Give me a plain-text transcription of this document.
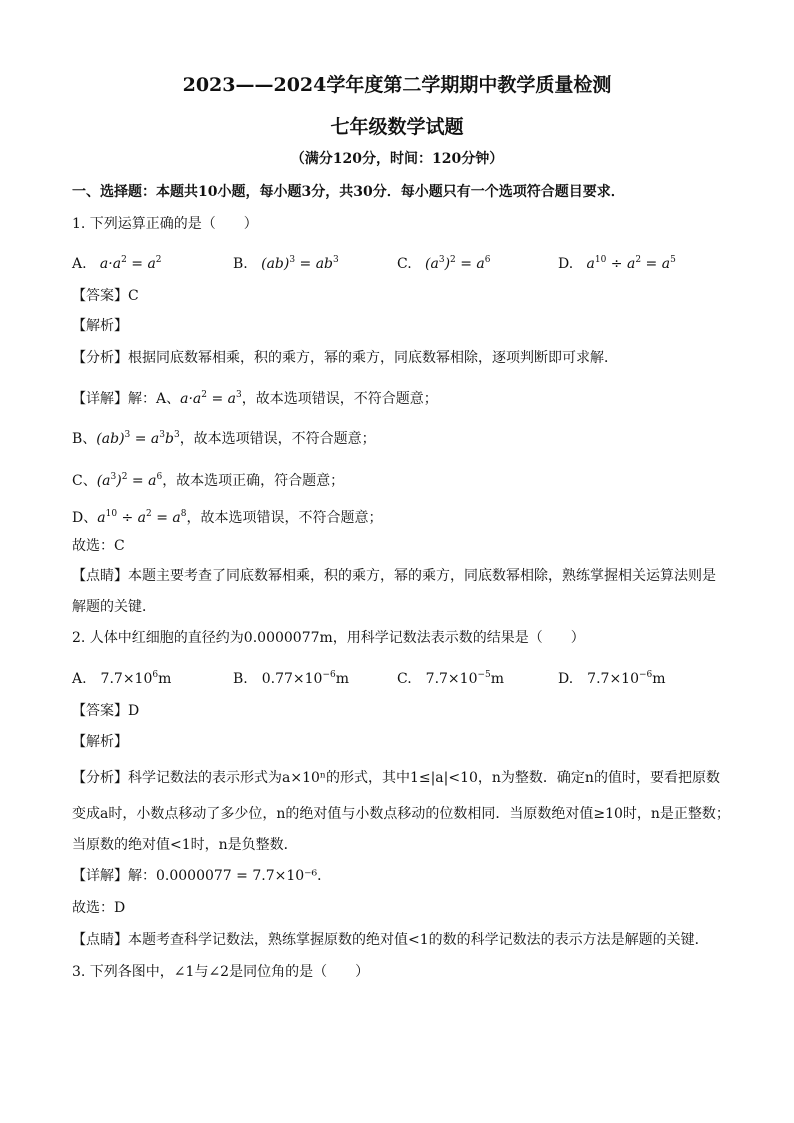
2023——2024学年度第二学期期中教学质量检测
七年级数学试题
（满分120分，时间：120分钟）
一、选择题：本题共10小题，每小题3分，共30分．每小题只有一个选项符合题目要求．
1. 下列运算正确的是（　　）
A. $a\cdot a^2 = a^2$	B. $(ab)^3 = ab^3$	C. $(a^3)^2 = a^6$	D. $a^{10} \div a^2 = a^5$
【答案】C
【解析】
【分析】根据同底数幂相乘，积的乘方，幂的乘方，同底数幂相除，逐项判断即可求解．
【详解】解：A、$a\cdot a^2 = a^3$，故本选项错误，不符合题意；
B、$(ab)^3 = a^3b^3$，故本选项错误，不符合题意；
C、$(a^3)^2 = a^6$，故本选项正确，符合题意；
D、$a^{10} \div a^2 = a^8$，故本选项错误，不符合题意；
故选：C
【点睛】本题主要考查了同底数幂相乘，积的乘方，幂的乘方，同底数幂相除，熟练掌握相关运算法则是
解题的关键．
2. 人体中红细胞的直径约为0.0000077m，用科学记数法表示数的结果是（　　）
A.　$7.7\times 10^6m$	B.　$0.77\times 10^{-6}m$	C.　$7.7\times 10^{-5}m$	D.　$7.7\times 10^{-6}m$
【答案】D
【解析】
【分析】科学记数法的表示形式为a×10ⁿ的形式，其中1≤|a|<10，n为整数．确定n的值时，要看把原数
变成a时，小数点移动了多少位，n的绝对值与小数点移动的位数相同．当原数绝对值≥10时，n是正整数；
当原数的绝对值<1时，n是负整数．
【详解】解：0.0000077 = 7.7×10⁻⁶．
故选：D
【点睛】本题考查科学记数法，熟练掌握原数的绝对值<1的数的科学记数法的表示方法是解题的关键．
3. 下列各图中，∠1与∠2是同位角的是（　　）
